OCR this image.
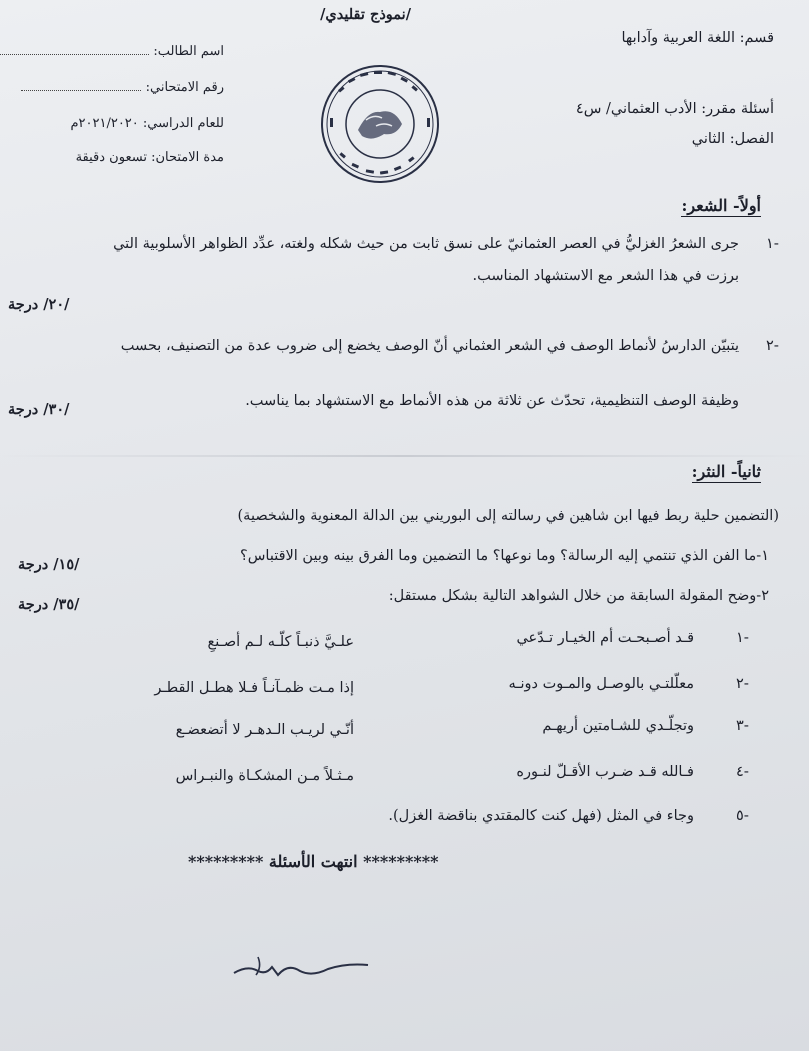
/نموذج تقليدي/
قسم: اللغة العربية وآدابها
أسئلة مقرر: الأدب العثماني/ س٤
الفصل: الثاني
اسم الطالب:
رقم الامتحاني:
للعام الدراسي: ٢٠٢١/٢٠٢٠م
مدة الامتحان: تسعون دقيقة
أولاً- الشعر:
١-
جرى الشعرُ الغزليُّ في العصر العثمانيّ على نسق ثابت من حيث شكله ولغته، عدِّد الظواهر الأسلوبية التي
برزت في هذا الشعر مع الاستشهاد المناسب.
/٢٠/ درجة
٢-
يتبيّن الدارسُ لأنماط الوصف في الشعر العثماني أنّ الوصف يخضع إلى ضروب عدة من التصنيف، بحسب
وظيفة الوصف التنظيمية، تحدّث عن ثلاثة من هذه الأنماط مع الاستشهاد بما يناسب.
/٣٠/ درجة
ثانياً- النثر:
(التضمين حلية ربط فيها ابن شاهين في رسالته إلى البوريني بين الدالة المعنوية والشخصية)
١-ما الفن الذي تنتمي إليه الرسالة؟ وما نوعها؟ ما التضمين وما الفرق بينه وبين الاقتباس؟
/١٥/ درجة
٢-وضح المقولة السابقة من خلال الشواهد التالية بشكل مستقل:
/٣٥/ درجة
١-
قـد أصـبحـت أم الخيـار تـدّعي
علـيَّ ذنبـاً كلّـه لـم أصـنعِ
٢-
معلّلتـي بالوصـل والمـوت دونـه
إذا مـت ظمـآنـاً فـلا هطـل القطـر
٣-
وتجلّـدي للشـامتين أريهـم
أنّـي لريـب الـدهـر لا أتضعضـع
٤-
فـالله قـد ضـرب الأقـلّ لنـوره
مـثـلاً مـن المشكـاة والنبـراس
٥-
وجاء في المثل (فهل كنت كالمقتدي بناقضة الغزل).
********* انتهت الأسئلة *********
